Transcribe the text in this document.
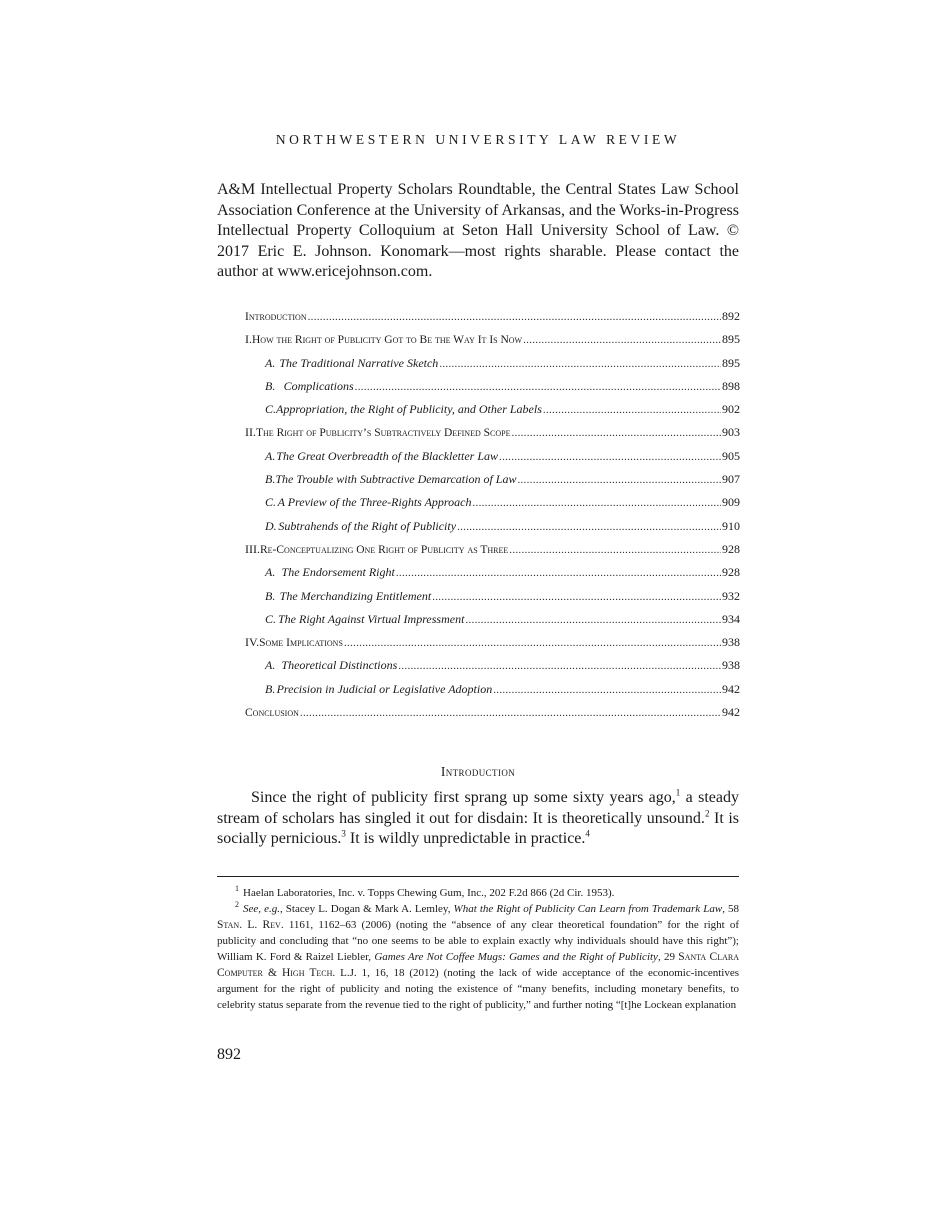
NORTHWESTERN UNIVERSITY LAW REVIEW
A&M Intellectual Property Scholars Roundtable, the Central States Law School Association Conference at the University of Arkansas, and the Works-in-Progress Intellectual Property Colloquium at Seton Hall University School of Law. © 2017 Eric E. Johnson. Konomark—most rights sharable. Please contact the author at www.ericejohnson.com.
Introduction .....	892
I. How the Right of Publicity Got to Be the Way It Is Now .....	895
A. The Traditional Narrative Sketch .....	895
B. Complications .....	898
C. Appropriation, the Right of Publicity, and Other Labels .....	902
II. The Right of Publicity’s Subtractively Defined Scope .....	903
A. The Great Overbreadth of the Blackletter Law .....	905
B. The Trouble with Subtractive Demarcation of Law .....	907
C. A Preview of the Three-Rights Approach .....	909
D. Subtrahends of the Right of Publicity .....	910
III. Re-Conceptualizing One Right of Publicity as Three .....	928
A. The Endorsement Right .....	928
B. The Merchandizing Entitlement .....	932
C. The Right Against Virtual Impressment .....	934
IV. Some Implications .....	938
A. Theoretical Distinctions .....	938
B. Precision in Judicial or Legislative Adoption .....	942
Conclusion .....	942
Introduction

Since the right of publicity first sprang up some sixty years ago,$^1$ a steady stream of scholars has singled it out for disdain: It is theoretically unsound.$^2$ It is socially pernicious.$^3$ It is wildly unpredictable in practice.$^4$

$^1$ Haelan Laboratories, Inc. v. Topps Chewing Gum, Inc., 202 F.2d 866 (2d Cir. 1953).

$^2$ See, e.g., Stacey L. Dogan & Mark A. Lemley, What the Right of Publicity Can Learn from Trademark Law, 58 Stan. L. Rev. 1161, 1162–63 (2006) (noting the “absence of any clear theoretical foundation” for the right of publicity and concluding that “no one seems to be able to explain exactly why individuals should have this right”); William K. Ford & Raizel Liebler, Games Are Not Coffee Mugs: Games and the Right of Publicity, 29 Santa Clara Computer & High Tech. L.J. 1, 16, 18 (2012) (noting the lack of wide acceptance of the economic-incentives argument for the right of publicity and noting the existence of “many benefits, including monetary benefits, to celebrity status separate from the revenue tied to the right of publicity,” and further noting “[t]he Lockean explanation

892
